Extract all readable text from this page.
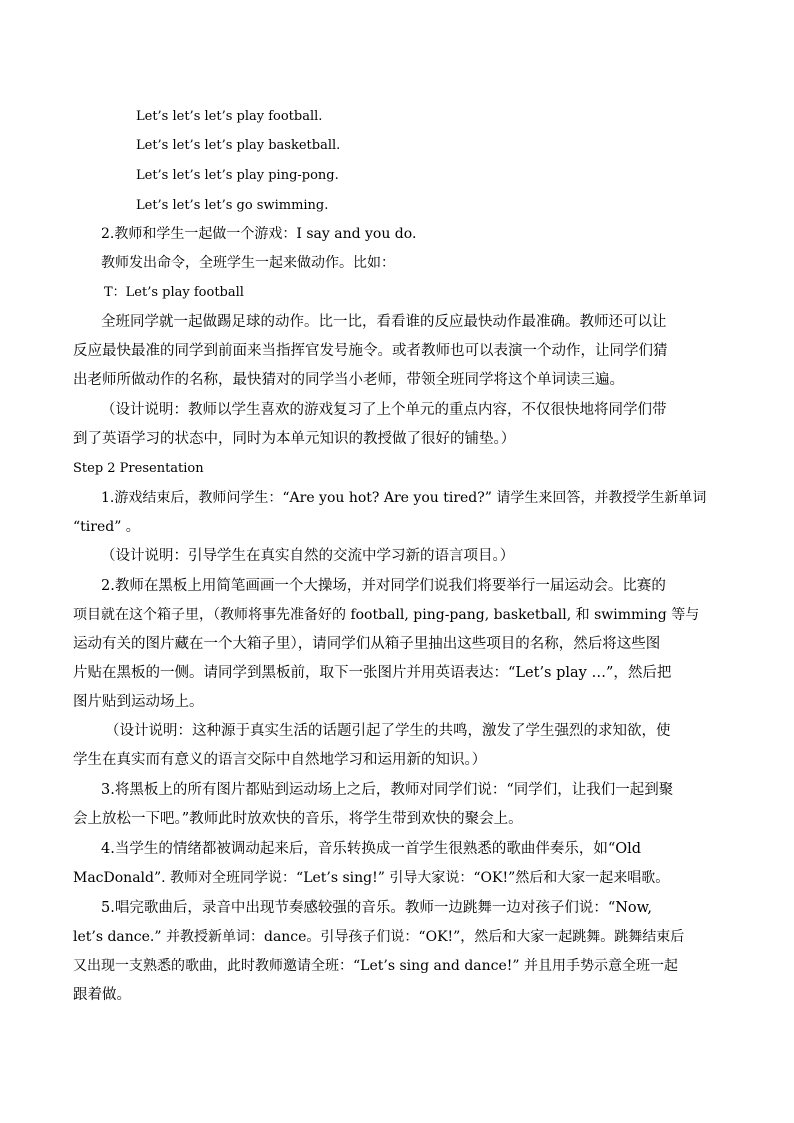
Let’s let’s let’s play football.
Let’s let’s let’s play basketball.
Let’s let’s let’s play ping-pong.
Let’s let’s let’s go swimming.
2.教师和学生一起做一个游戏：I say and you do.
教师发出命令，全班学生一起来做动作。比如：
T：Let’s play football
全班同学就一起做踢足球的动作。比一比，看看谁的反应最快动作最准确。教师还可以让
反应最快最准的同学到前面来当指挥官发号施令。或者教师也可以表演一个动作，让同学们猜
出老师所做动作的名称，最快猜对的同学当小老师，带领全班同学将这个单词读三遍。
（设计说明：教师以学生喜欢的游戏复习了上个单元的重点内容，不仅很快地将同学们带
到了英语学习的状态中，同时为本单元知识的教授做了很好的铺垫。）
Step 2 Presentation
1.游戏结束后，教师问学生：“Are you hot? Are you tired?” 请学生来回答，并教授学生新单词
“tired” 。
（设计说明：引导学生在真实自然的交流中学习新的语言项目。）
2.教师在黑板上用简笔画画一个大操场，并对同学们说我们将要举行一届运动会。比赛的
项目就在这个箱子里，（教师将事先准备好的 football, ping-pang, basketball, 和 swimming 等与
运动有关的图片藏在一个大箱子里），请同学们从箱子里抽出这些项目的名称，然后将这些图
片贴在黑板的一侧。请同学到黑板前，取下一张图片并用英语表达：“Let’s play …”，然后把
图片贴到运动场上。
（设计说明：这种源于真实生活的话题引起了学生的共鸣，激发了学生强烈的求知欲，使
学生在真实而有意义的语言交际中自然地学习和运用新的知识。）
3.将黑板上的所有图片都贴到运动场上之后，教师对同学们说：“同学们，让我们一起到聚
会上放松一下吧。”教师此时放欢快的音乐，将学生带到欢快的聚会上。
4.当学生的情绪都被调动起来后，音乐转换成一首学生很熟悉的歌曲伴奏乐，如“Old
MacDonald”. 教师对全班同学说：“Let’s sing!” 引导大家说：“OK!”然后和大家一起来唱歌。
5.唱完歌曲后，录音中出现节奏感较强的音乐。教师一边跳舞一边对孩子们说：“Now,
let’s dance.” 并教授新单词：dance。引导孩子们说：“OK!”，然后和大家一起跳舞。跳舞结束后
又出现一支熟悉的歌曲，此时教师邀请全班：“Let’s sing and dance!” 并且用手势示意全班一起
跟着做。
